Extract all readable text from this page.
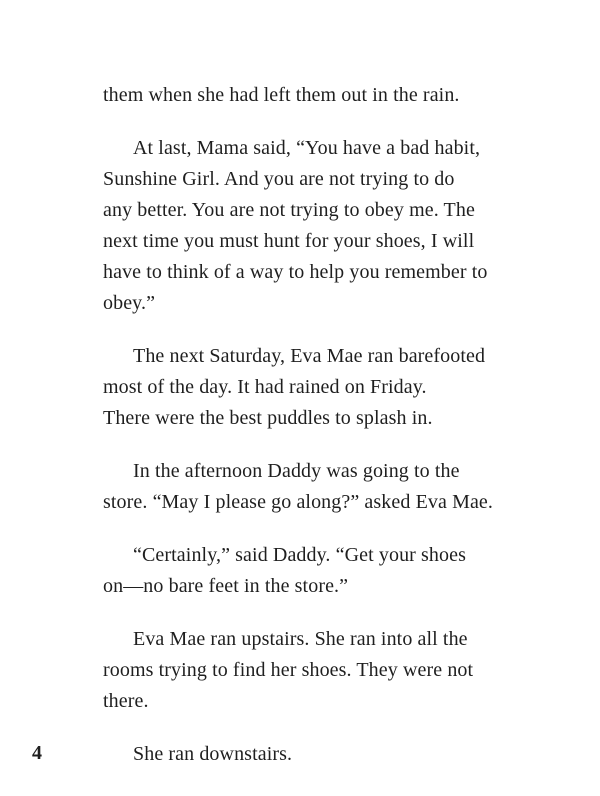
them when she had left them out in the rain.

At last, Mama said, “You have a bad habit,
Sunshine Girl. And you are not trying to do
any better. You are not trying to obey me. The
next time you must hunt for your shoes, I will
have to think of a way to help you remember to
obey.”

The next Saturday, Eva Mae ran barefooted
most of the day. It had rained on Friday.
There were the best puddles to splash in.

In the afternoon Daddy was going to the
store. “May I please go along?” asked Eva Mae.

“Certainly,” said Daddy. “Get your shoes
on—no bare feet in the store.”

Eva Mae ran upstairs. She ran into all the
rooms trying to find her shoes. They were not
there.

She ran downstairs.

4
